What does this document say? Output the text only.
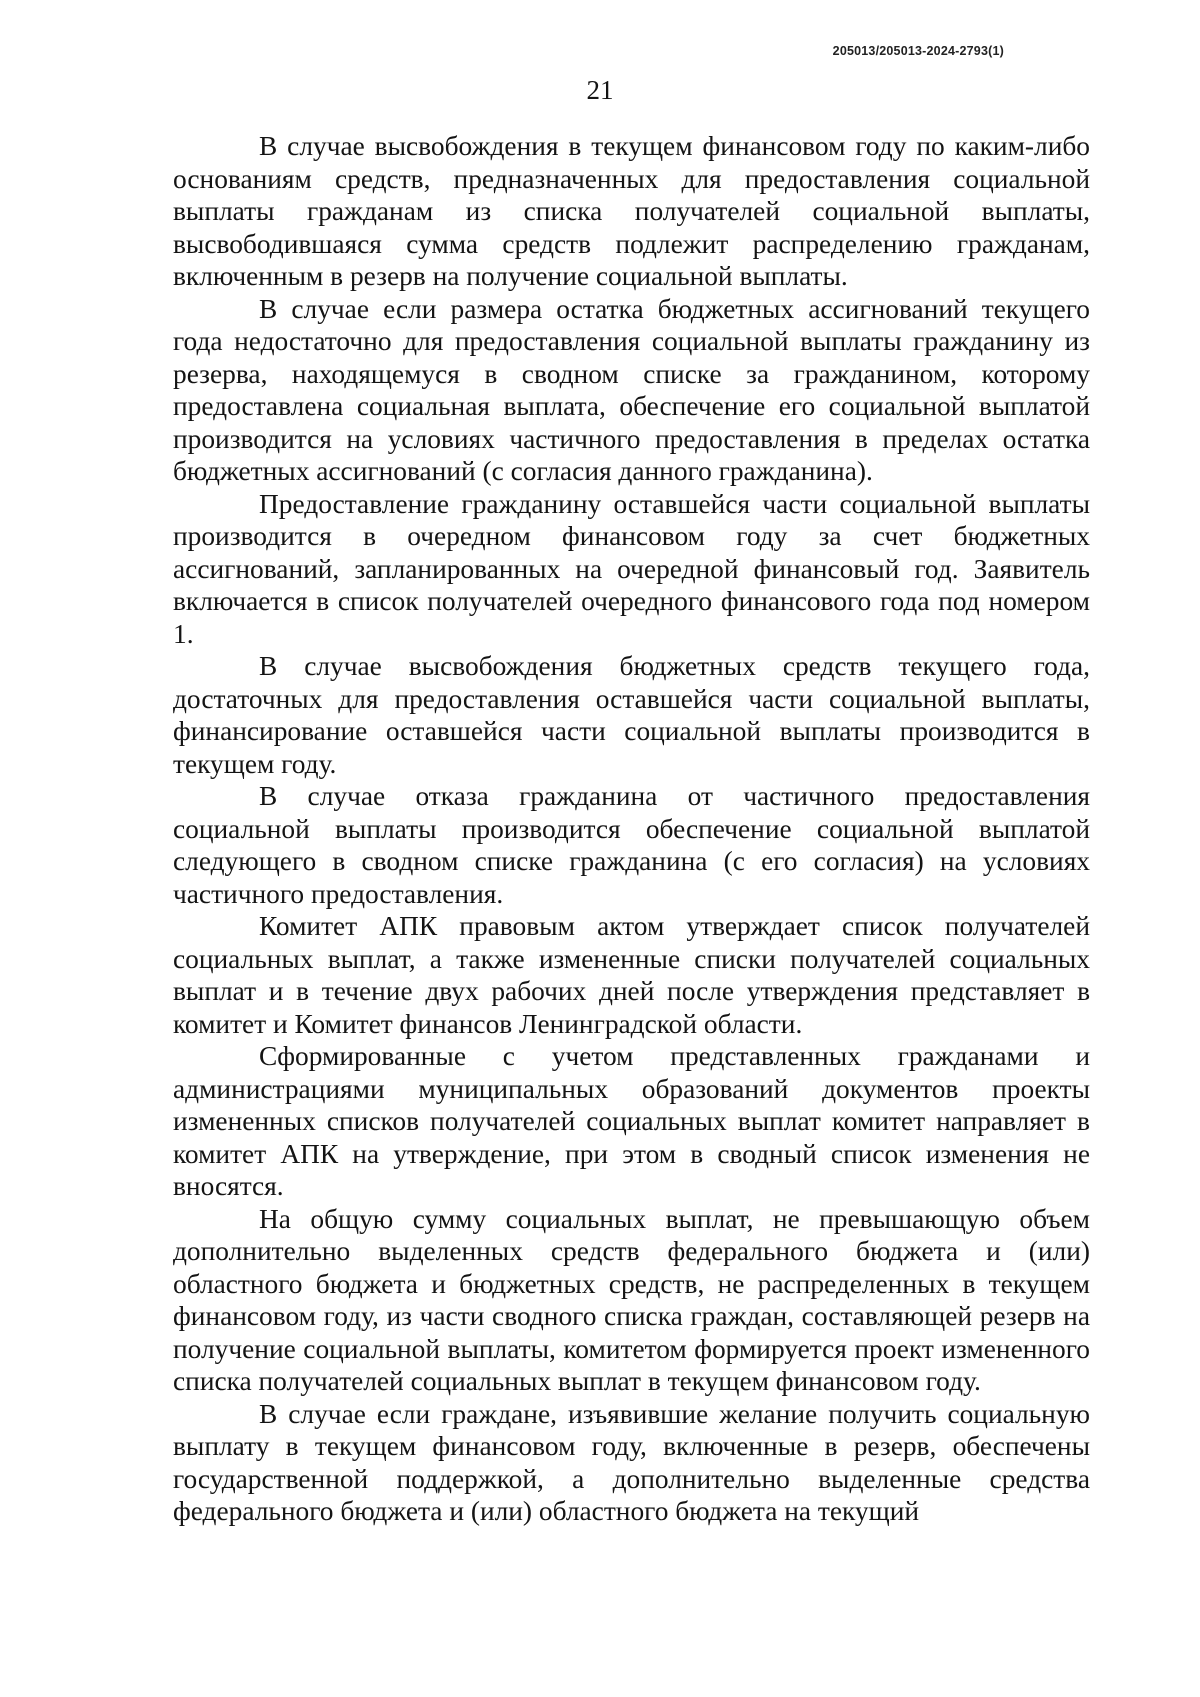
205013/205013-2024-2793(1)
21

В случае высвобождения в текущем финансовом году по каким-либо основаниям средств, предназначенных для предоставления социальной выплаты гражданам из списка получателей социальной выплаты, высвободившаяся сумма средств подлежит распределению гражданам, включенным в резерв на получение социальной выплаты.

В случае если размера остатка бюджетных ассигнований текущего года недостаточно для предоставления социальной выплаты гражданину из резерва, находящемуся в сводном списке за гражданином, которому предоставлена социальная выплата, обеспечение его социальной выплатой производится на условиях частичного предоставления в пределах остатка бюджетных ассигнований (с согласия данного гражданина).

Предоставление гражданину оставшейся части социальной выплаты производится в очередном финансовом году за счет бюджетных ассигнований, запланированных на очередной финансовый год. Заявитель включается в список получателей очередного финансового года под номером 1.

В случае высвобождения бюджетных средств текущего года, достаточных для предоставления оставшейся части социальной выплаты, финансирование оставшейся части социальной выплаты производится в текущем году.

В случае отказа гражданина от частичного предоставления социальной выплаты производится обеспечение социальной выплатой следующего в сводном списке гражданина (с его согласия) на условиях частичного предоставления.

Комитет АПК правовым актом утверждает список получателей социальных выплат, а также измененные списки получателей социальных выплат и в течение двух рабочих дней после утверждения представляет в комитет и Комитет финансов Ленинградской области.

Сформированные с учетом представленных гражданами и администрациями муниципальных образований документов проекты измененных списков получателей социальных выплат комитет направляет в комитет АПК на утверждение, при этом в сводный список изменения не вносятся.

На общую сумму социальных выплат, не превышающую объем дополнительно выделенных средств федерального бюджета и (или) областного бюджета и бюджетных средств, не распределенных в текущем финансовом году, из части сводного списка граждан, составляющей резерв на получение социальной выплаты, комитетом формируется проект измененного списка получателей социальных выплат в текущем финансовом году.

В случае если граждане, изъявившие желание получить социальную выплату в текущем финансовом году, включенные в резерв, обеспечены государственной поддержкой, а дополнительно выделенные средства федерального бюджета и (или) областного бюджета на текущий
